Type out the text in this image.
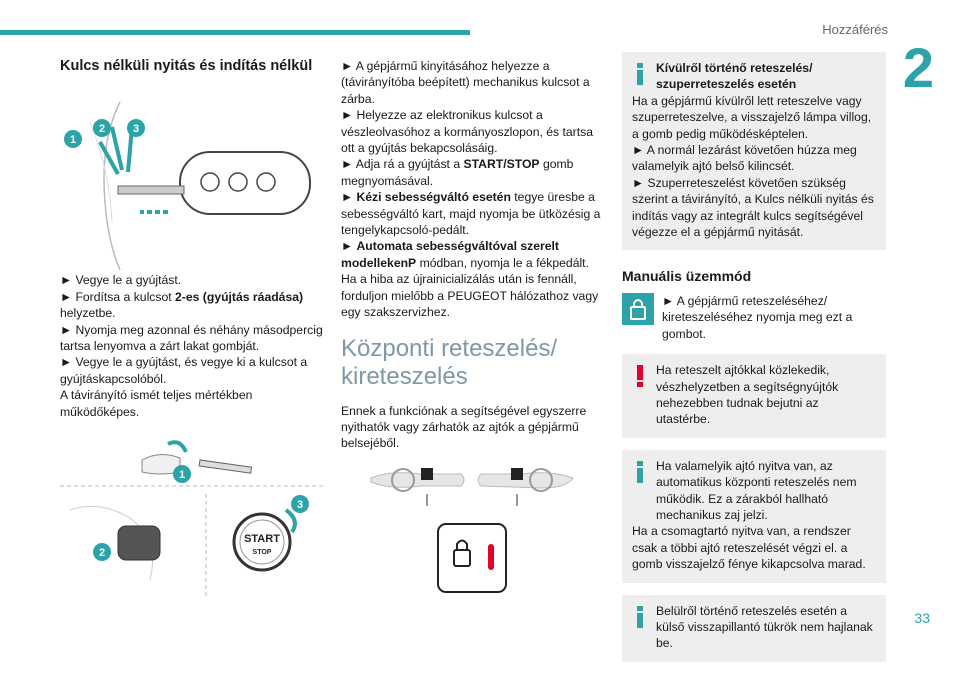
Hozzáférés
2
33
Kulcs nélküli nyitás és indítás nélkül
1
2	3

► Vegye le a gyújtást.

► Fordítsa a kulcsot 2-es (gyújtás ráadása) helyzetbe.

► Nyomja meg azonnal és néhány másodpercig tartsa lenyomva a zárt lakat gombját.

► Vegye le a gyújtást, és vegye ki a kulcsot a gyújtáskapcsolóból.

A távirányító ismét teljes mértékben működőképes.

1
2
START
STOP
3

► A gépjármű kinyitásához helyezze a (távirányítóba beépített) mechanikus kulcsot a zárba.

► Helyezze az elektronikus kulcsot a vészleolvasóhoz a kormányoszlopon, és tartsa ott a gyújtás bekapcsolásáig.

► Adja rá a gyújtást a START/STOP gomb megnyomásával.

► Kézi sebességváltó esetén tegye üresbe a sebességváltó kart, majd nyomja be ütközésig a tengelykapcsoló-pedált.

► Automata sebességváltóval szerelt modellekenP módban, nyomja le a fékpedált.

Ha a hiba az újrainicializálás után is fennáll, forduljon mielőbb a PEUGEOT hálózathoz vagy egy szakszervizhez.

Központi reteszelés/ kireteszelés

Ennek a funkciónak a segítségével egyszerre nyithatók vagy zárhatók az ajtók a gépjármű belsejéből.

Kívülről történő reteszelés/ szuperreteszelés esetén
Ha a gépjármű kívülről lett reteszelve vagy szuperreteszelve, a visszajelző lámpa villog, a gomb pedig működésképtelen.
► A normál lezárást követően húzza meg valamelyik ajtó belső kilincsét.
► Szuperreteszelést követően szükség szerint a távirányító, a Kulcs nélküli nyitás és indítás vagy az integrált kulcs segítségével végezze el a gépjármű nyitását.
Manuális üzemmód
► A gépjármű reteszeléséhez/ kireteszeléséhez nyomja meg ezt a gombot.
Ha reteszelt ajtókkal közlekedik, vészhelyzetben a segítségnyújtók nehezebben tudnak bejutni az utastérbe.
Ha valamelyik ajtó nyitva van, az automatikus központi reteszelés nem működik. Ez a zárakból hallható mechanikus zaj jelzi.
Ha a csomagtartó nyitva van, a rendszer csak a többi ajtó reteszelését végzi el. a gomb visszajelző fénye kikapcsolva marad.
Belülről történő reteszelés esetén a külső visszapillantó tükrök nem hajlanak be.
